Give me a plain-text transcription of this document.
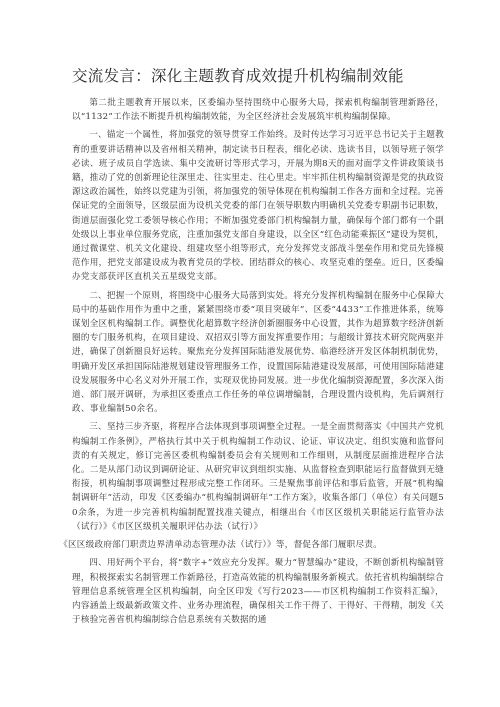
交流发言：深化主题教育成效提升机构编制效能

第二批主题教育开展以来，区委编办坚持围绕中心服务大局，探索机构编制管理新路径，以“1132”工作法不断提升机构编制效能，为全区经济社会发展筑牢机构编制保障。

一、锚定一个属性，将加强党的领导贯穿工作始终。及时传达学习习近平总书记关于主题教育的重要讲话精神以及省州相关精神，制定读书日程表，细化必读、选读书目，以领导班子领学必读、班子成员自学选读、集中交流研讨等形式学习，开展为期8天的面对面学文件讲政策谈书籍，推动了党的创新理论往深里走、往实里走、往心里走。牢牢抓住机构编制资源是党的执政资源这政治属性，始终以党建为引领，将加强党的领导体现在机构编制工作各方面和全过程。完善保证党的全面领导，区级层面为设机关党委的部门在领导职数内明确机关党委专职副书记职数，街道层面强化党工委领导核心作用；不断加强党委部门机构编制力量，确保每个部门都有一个副处级以上事业单位服务党底，注重加强党支部自身建设，以全区“红色动能乘振区”建设为契机，通过微课堂、机关文化建设、组建攻坚小组等形式，充分发挥党支部战斗堡垒作用和党员先锋模范作用，把党支部建设成为教育党员的学校、团结群众的核心、攻坚克难的堡垒。近日，区委编办党支部获评区直机关五星级党支部。

二、把握一个原则，将围绕中心服务大局落到实处。将充分发挥机构编制在服务中心保障大局中的基础作用作为重中之重，紧紧围绕市委“项目突破年”、区委“4433”工作推进体系，统筹谋划全区机构编制工作。调整优化超算数字经济创新圈服务中心设置，其作为超算数字经济创新圈的专门服务机构，在项目建设、双招双引等方面发挥重要作用；与超级计算技术研究院两驱并进，确保了创新圈良好运转。聚焦充分发挥国际陆港发展优势、临港经济开发区体制机制优势，明确开发区承担国际陆港规划建设管理服务工作，设置国际陆港建设发展部，可使用国际陆港建设发展服务中心名义对外开展工作，实现双优协同发展。进一步优化编制资源配置，多次深入街道、部门展开调研，为承担区委重点工作任务的单位调增编制，合理设置内设机构，先后调剂行政、事业编制50余名。

三、坚持三步齐驱，将程序合法体现到事项调整全过程。一是全面贯彻落实《中国共产党机构编制工作条例》，严格执行其中关于机构编制工作动议、论证、审议决定、组织实施和监督问责的有关规定，修订完善区委机构编制委员会有关规则和工作细则，从制度层面推进程序合法化。二是从部门动议到调研论证、从研究审议到组织实施、从监督检查到职能运行监督做到无缝衔接，机构编制事项调整过程形成完整工作闭环。三是聚焦事前评估和事后监管，开展“机构编制调研年”活动，印发《区委编办“机构编制调研年”工作方案》，收集各部门（单位）有关问题50余条，为进一步完善机构编制配置找准关键点，相继出台《市区区级机关职能运行监管办法（试行）》《市区区级机关履职评估办法（试行）》

《区区级政府部门职责边界清单动态管理办法（试行）》等，督促各部门履职尽责。

四、用好两个平台，将“数字+”效应充分发挥。聚力“智慧编办”建设，不断创新机构编制管理，积极探索实名制管理工作新路径，打造高效能的机构编制服务新模式。依托省机构编制综合管理信息系统管理全区机构编制，向全区印发《写行2023——市区机构编制工作资料汇编》，内容涵盖上级最新政策文件、业务办理流程，确保相关工作干得了、干得好、干得精，制发《关于核验完善省机构编制综合信息系统有关数据的通
